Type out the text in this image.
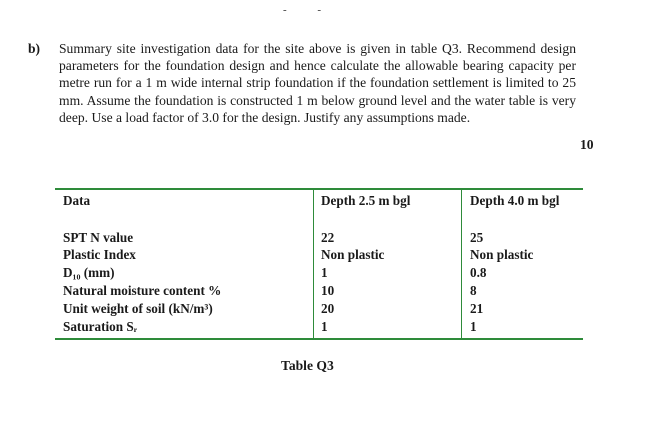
- -
b) Summary site investigation data for the site above is given in table Q3. Recommend design parameters for the foundation design and hence calculate the allowable bearing capacity per metre run for a 1 m wide internal strip foundation if the foundation settlement is limited to 25 mm. Assume the foundation is constructed 1 m below ground level and the water table is very deep. Use a load factor of 3.0 for the design. Justify any assumptions made.
10
Data	Depth 2.5 m bgl	Depth 4.0 m bgl
SPT N value	22	25
Plastic Index	Non plastic	Non plastic
D₁₀ (mm)	1	0.8
Natural moisture content %	10	8
Unit weight of soil (kN/m³)	20	21
Saturation Sᵣ	1	1
Table Q3
